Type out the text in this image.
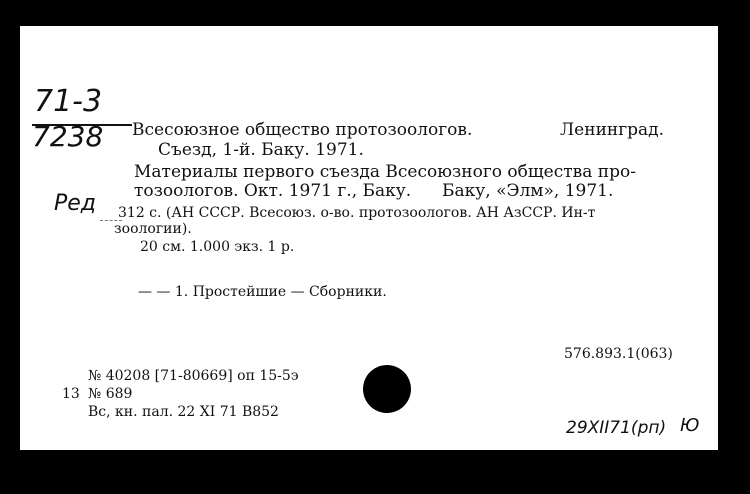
71-3
7238
Ред
Всесоюзное общество протозоологов.	Ленинград.
Съезд, 1-й. Баку. 1971.
Материалы первого съезда Всесоюзного общества про-
тозоологов. Окт. 1971 г., Баку. Баку, «Элм», 1971.
312 с. (АН СССР. Всесоюз. о-во. протозоологов. АН АзССР. Ин-т
зоологии).
20 см. 1.000 экз. 1 р.
— — 1. Простейшие — Сборники.
576.893.1(063)
№ 40208 [71-80669] оп 15-5э
13 № 689
Вс, кн. пал. 22 XI 71 В852
29XII71(рп) Ю
